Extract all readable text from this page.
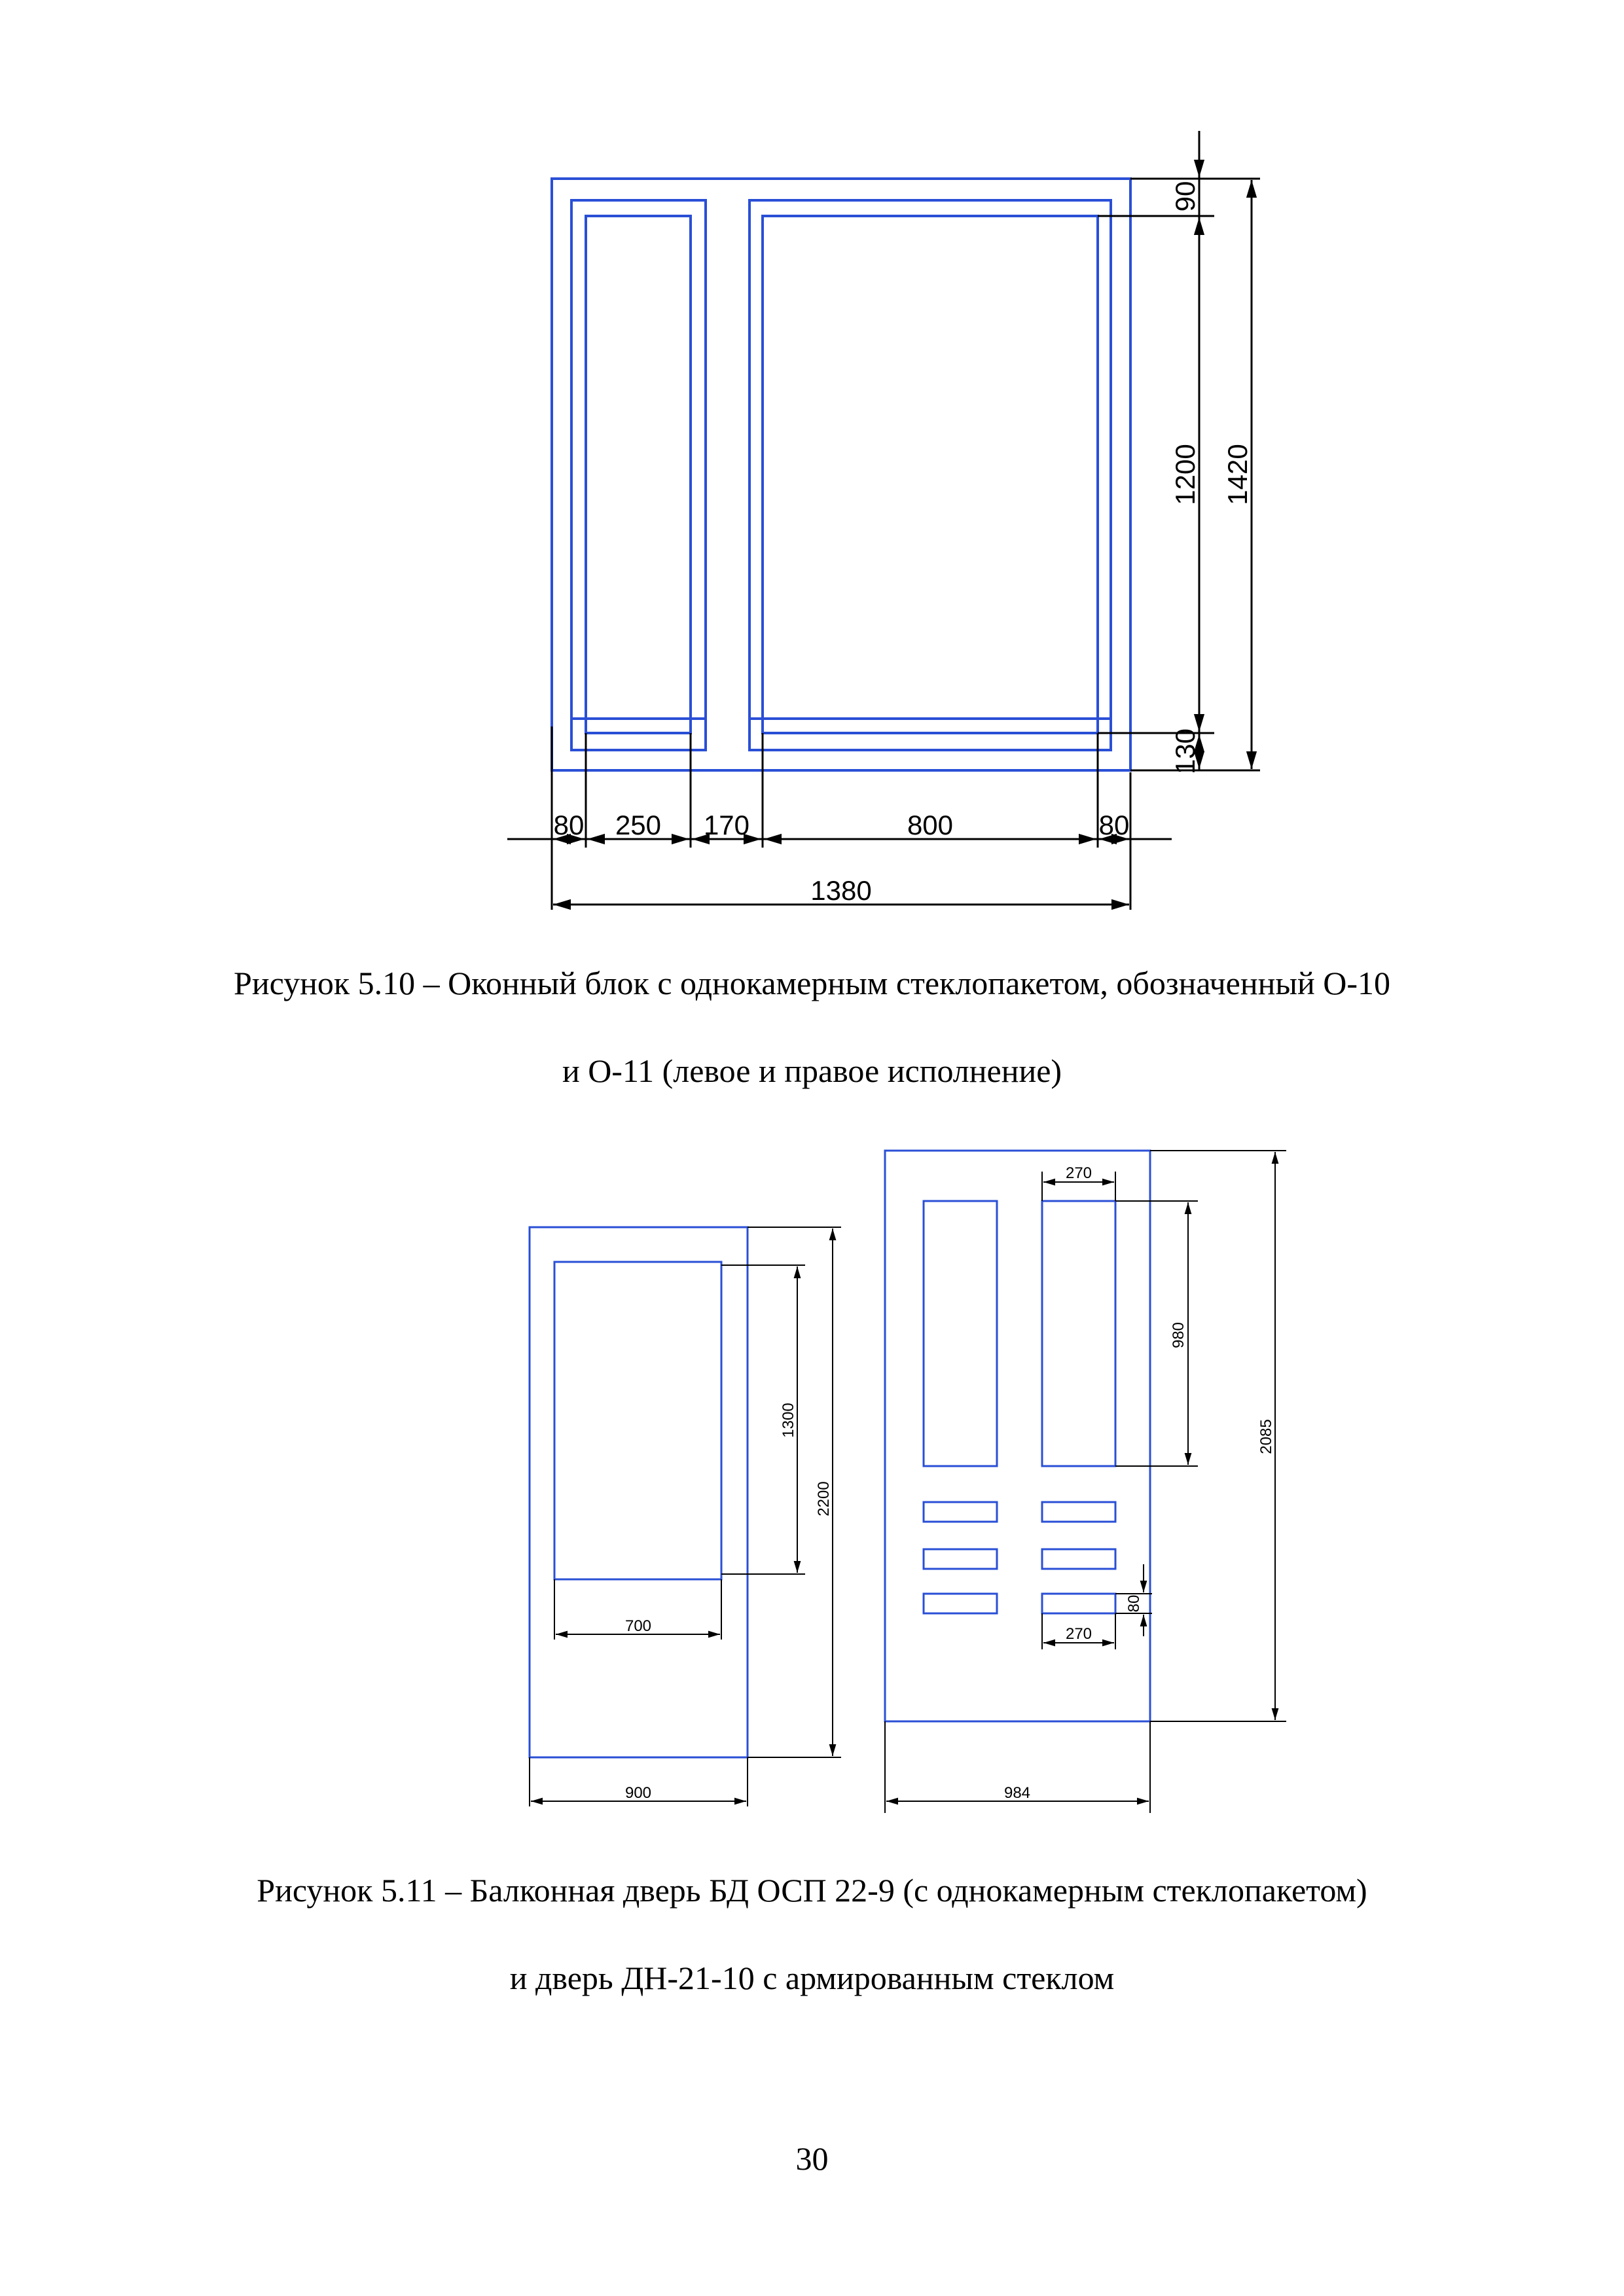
90
1200 1420
130
80 250 170	800	80
1380
1300
2200
700
900
270
980
2085
80
270
984
Рисунок 5.10 – Оконный блок с однокамерным стеклопакетом, обозначенный О-10
и О-11 (левое и правое исполнение)
Рисунок 5.11 – Балконная дверь БД ОСП 22-9 (с однокамерным стеклопакетом)
и дверь ДН-21-10 с армированным стеклом
30
